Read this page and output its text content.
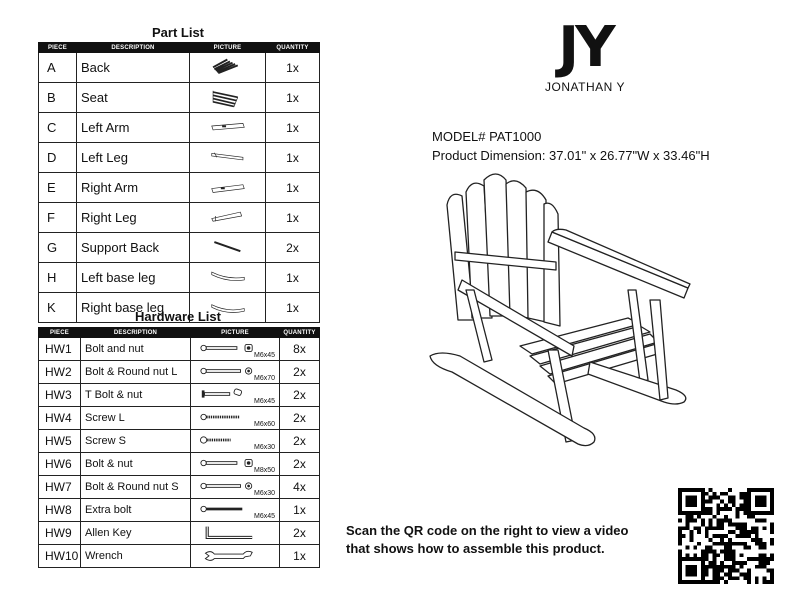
Part List
PIECE	DESCRIPTION	PICTURE	QUANTITY
A	Back		1x
B	Seat		1x
C	Left Arm		1x
D	Left Leg		1x
E	Right Arm		1x
F	Right Leg		1x
G	Support Back		2x
H	Left base leg		1x
K	Right base leg		1x
Hardware List
PIECE	DESCRIPTION	PICTURE	QUANTITY
HW1	Bolt and nut	M6x45	8x
HW2	Bolt & Round nut L	M6x70	2x
HW3	T Bolt & nut	M6x45	2x
HW4	Screw L	M6x60	2x
HW5	Screw S	M6x30	2x
HW6	Bolt & nut	M8x50	2x
HW7	Bolt & Round nut S	M6x30	4x
HW8	Extra bolt	M6x45	1x
HW9	Allen Key		2x
HW10	Wrench		1x
JY
JONATHAN Y
MODEL# PAT1000
Product Dimension: 37.01" x 26.77"W x 33.46"H
Scan the QR code on the right to view a video
that shows how to assemble this product.
